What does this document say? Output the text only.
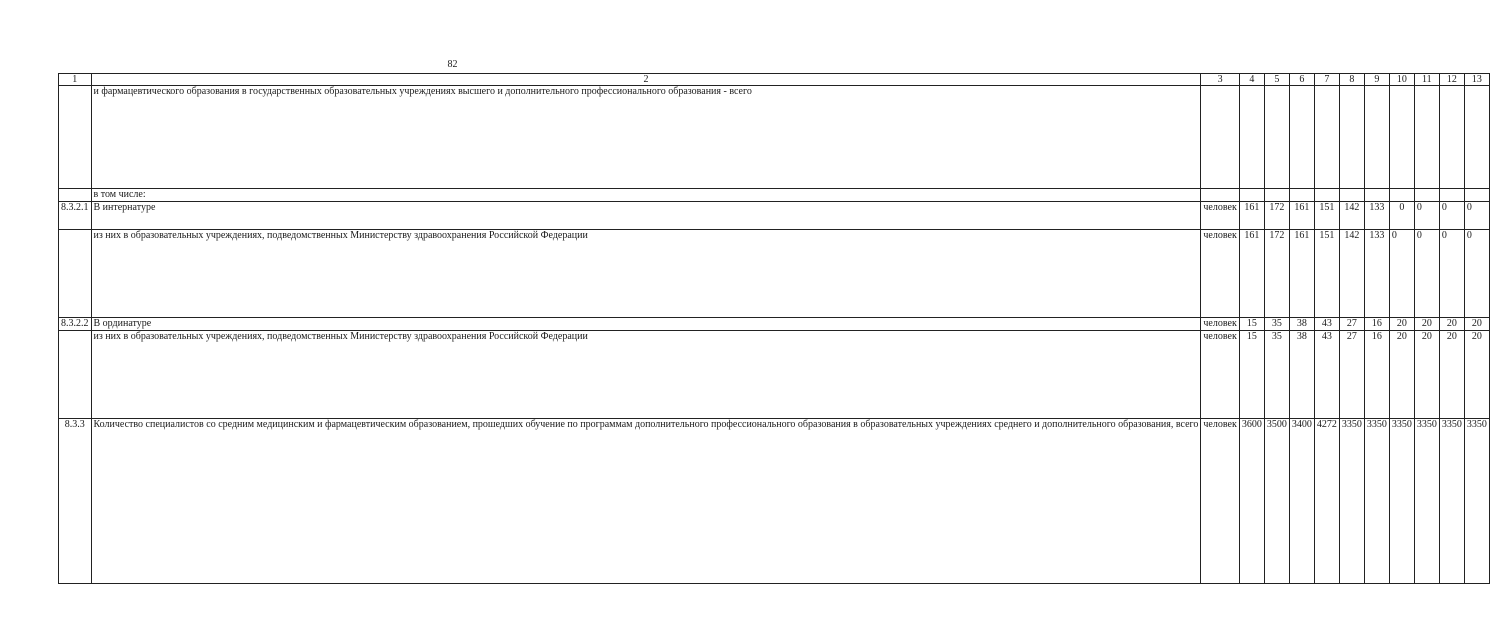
82
1	2	3	4	5	6	7	8	9	10	11	12	13
	и фармацевтического образования в государственных образовательных учреждениях высшего и дополнительного профессионального образования - всего											
	в том числе:											
8.3.2.1	В интернатуре	человек	161	172	161	151	142	133	0	0	0	0
	из них в образовательных учреждениях, подведомственных Министерству здравоохранения Российской Федерации	человек	161	172	161	151	142	133	0	0	0	0
8.3.2.2	В ординатуре	человек	15	35	38	43	27	16	20	20	20	20
	из них в образовательных учреждениях, подведомственных Министерству здравоохранения Российской Федерации	человек	15	35	38	43	27	16	20	20	20	20
8.3.3	Количество специалистов со средним медицинским и фармацевтическим образованием, прошедших обучение по программам дополнительного профессионального образования в образовательных учреждениях среднего и дополнительного образования, всего	человек	3600	3500	3400	4272	3350	3350	3350	3350	3350	3350
